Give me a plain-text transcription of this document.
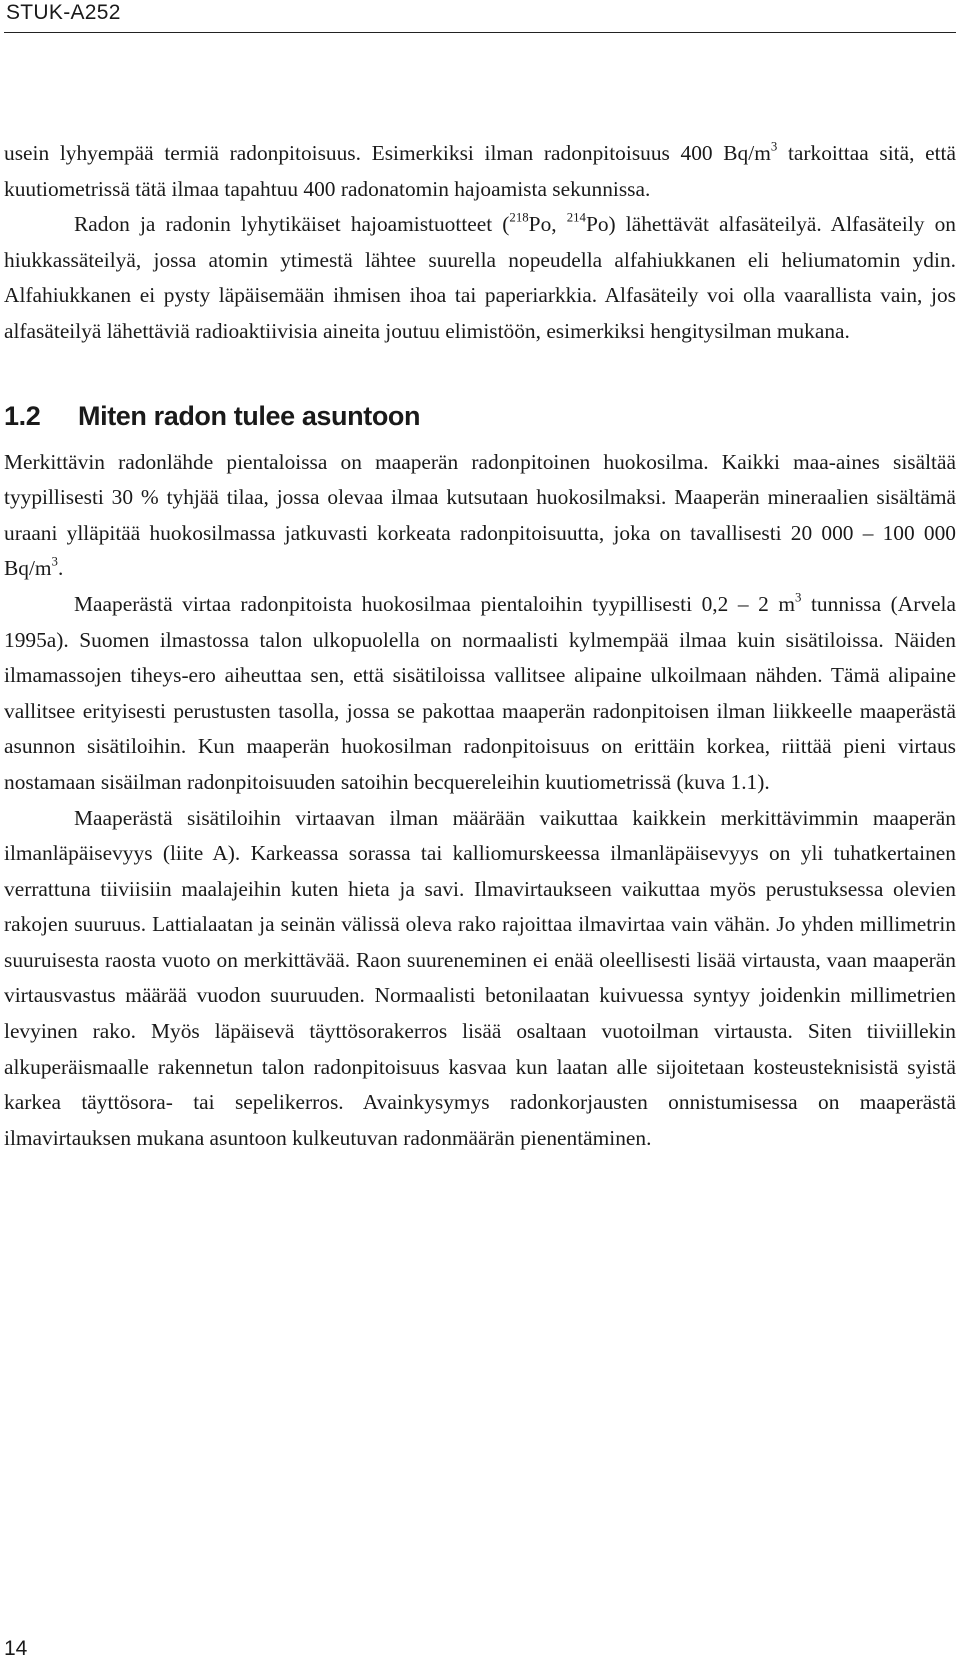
STUK-A252

usein lyhyempää termiä radonpitoisuus. Esimerkiksi ilman radonpitoisuus 400 $Bq/m^3$ tarkoittaa sitä, että kuutiometrissä tätä ilmaa tapahtuu 400 radonatomin hajoamista sekunnissa.

Radon ja radonin lyhytikäiset hajoamistuotteet ($^{218}$Po, $^{214}$Po) lähettävät alfasäteilyä. Alfasäteily on hiukkassäteilyä, jossa atomin ytimestä lähtee suurella nopeudella alfahiukkanen eli heliumatomin ydin. Alfahiukkanen ei pysty läpäisemään ihmisen ihoa tai paperiarkkia. Alfasäteily voi olla vaarallista vain, jos alfasäteilyä lähettäviä radioaktiivisia aineita joutuu elimistöön, esimerkiksi hengitysilman mukana.

1.2 Miten radon tulee asuntoon

Merkittävin radonlähde pientaloissa on maaperän radonpitoinen huokosilma. Kaikki maa-aines sisältää tyypillisesti 30 % tyhjää tilaa, jossa olevaa ilmaa kutsutaan huokosilmaksi. Maaperän mineraalien sisältämä uraani ylläpitää huokosilmassa jatkuvasti korkeata radonpitoisuutta, joka on tavallisesti 20 000 – 100 000 $Bq/m^3$.

Maaperästä virtaa radonpitoista huokosilmaa pientaloihin tyypillisesti 0,2 – 2 $m^3$ tunnissa (Arvela 1995a). Suomen ilmastossa talon ulkopuolella on normaalisti kylmempää ilmaa kuin sisätiloissa. Näiden ilmamassojen tiheys-ero aiheuttaa sen, että sisätiloissa vallitsee alipaine ulkoilmaan nähden. Tämä alipaine vallitsee erityisesti perustusten tasolla, jossa se pakottaa maaperän radonpitoisen ilman liikkeelle maaperästä asunnon sisätiloihin. Kun maaperän huokosilman radonpitoisuus on erittäin korkea, riittää pieni virtaus nostamaan sisäilman radonpitoisuuden satoihin becquereleihin kuutiometrissä (kuva 1.1).

Maaperästä sisätiloihin virtaavan ilman määrään vaikuttaa kaikkein merkittävimmin maaperän ilmanläpäisevyys (liite A). Karkeassa sorassa tai kalliomurskeessa ilmanläpäisevyys on yli tuhatkertainen verrattuna tiiviisiin maalajeihin kuten hieta ja savi. Ilmavirtaukseen vaikuttaa myös perustuksessa olevien rakojen suuruus. Lattialaatan ja seinän välissä oleva rako rajoittaa ilmavirtaa vain vähän. Jo yhden millimetrin suuruisesta raosta vuoto on merkittävää. Raon suureneminen ei enää oleellisesti lisää virtausta, vaan maaperän virtausvastus määrää vuodon suuruuden. Normaalisti betonilaatan kuivuessa syntyy joidenkin millimetrien levyinen rako. Myös läpäisevä täyttösorakerros lisää osaltaan vuotoilman virtausta. Siten tiiviillekin alkuperäismaalle rakennetun talon radonpitoisuus kasvaa kun laatan alle sijoitetaan kosteusteknisistä syistä karkea täyttösora- tai sepelikerros. Avainkysymys radonkorjausten onnistumisessa on maaperästä ilmavirtauksen mukana asuntoon kulkeutuvan radonmäärän pienentäminen.

14
